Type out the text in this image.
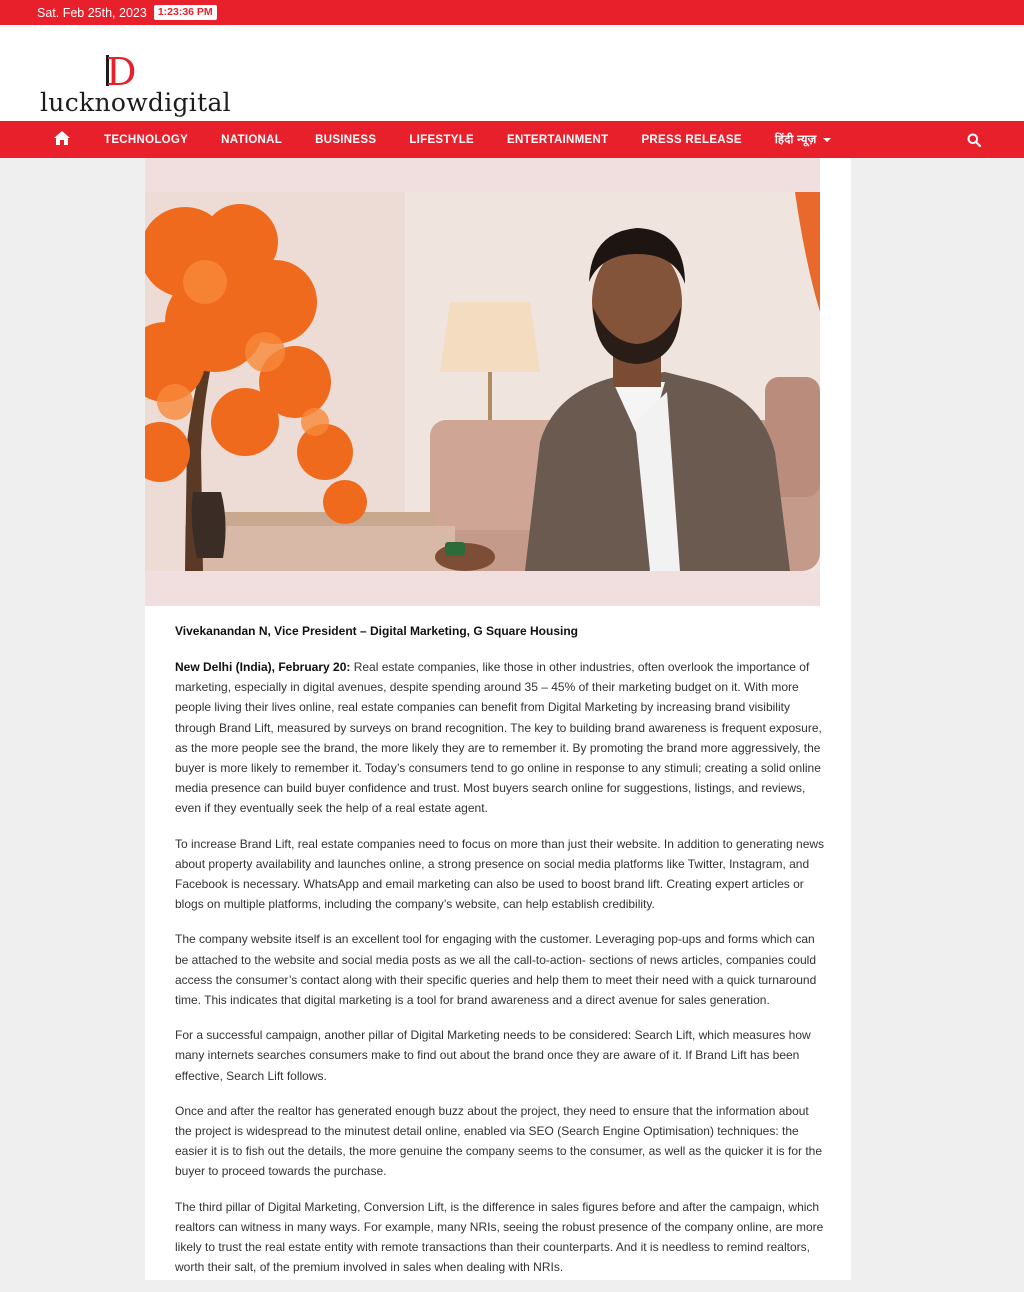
Sat. Feb 25th, 2023	1:23:36 PM
D
lucknowdigital
TECHNOLOGY	NATIONAL	BUSINESS	LIFESTYLE	ENTERTAINMENT	PRESS RELEASE	हिंदी न्यूज़

Vivekanandan N, Vice President – Digital Marketing, G Square Housing

New Delhi (India), February 20: Real estate companies, like those in other industries, often overlook the importance of marketing, especially in digital avenues, despite spending around 35 – 45% of their marketing budget on it. With more people living their lives online, real estate companies can benefit from Digital Marketing by increasing brand visibility through Brand Lift, measured by surveys on brand recognition. The key to building brand awareness is frequent exposure, as the more people see the brand, the more likely they are to remember it. By promoting the brand more aggressively, the buyer is more likely to remember it. Today’s consumers tend to go online in response to any stimuli; creating a solid online media presence can build buyer confidence and trust. Most buyers search online for suggestions, listings, and reviews, even if they eventually seek the help of a real estate agent.

To increase Brand Lift, real estate companies need to focus on more than just their website. In addition to generating news about property availability and launches online, a strong presence on social media platforms like Twitter, Instagram, and Facebook is necessary. WhatsApp and email marketing can also be used to boost brand lift. Creating expert articles or blogs on multiple platforms, including the company’s website, can help establish credibility.

The company website itself is an excellent tool for engaging with the customer. Leveraging pop-ups and forms which can be attached to the website and social media posts as we all the call-to-action- sections of news articles, companies could access the consumer’s contact along with their specific queries and help them to meet their need with a quick turnaround time. This indicates that digital marketing is a tool for brand awareness and a direct avenue for sales generation.

For a successful campaign, another pillar of Digital Marketing needs to be considered: Search Lift, which measures how many internets searches consumers make to find out about the brand once they are aware of it. If Brand Lift has been effective, Search Lift follows.

Once and after the realtor has generated enough buzz about the project, they need to ensure that the information about the project is widespread to the minutest detail online, enabled via SEO (Search Engine Optimisation) techniques: the easier it is to fish out the details, the more genuine the company seems to the consumer, as well as the quicker it is for the buyer to proceed towards the purchase.

The third pillar of Digital Marketing, Conversion Lift, is the difference in sales figures before and after the campaign, which realtors can witness in many ways. For example, many NRIs, seeing the robust presence of the company online, are more likely to trust the real estate entity with remote transactions than their counterparts. And it is needless to remind realtors, worth their salt, of the premium involved in sales when dealing with NRIs.
